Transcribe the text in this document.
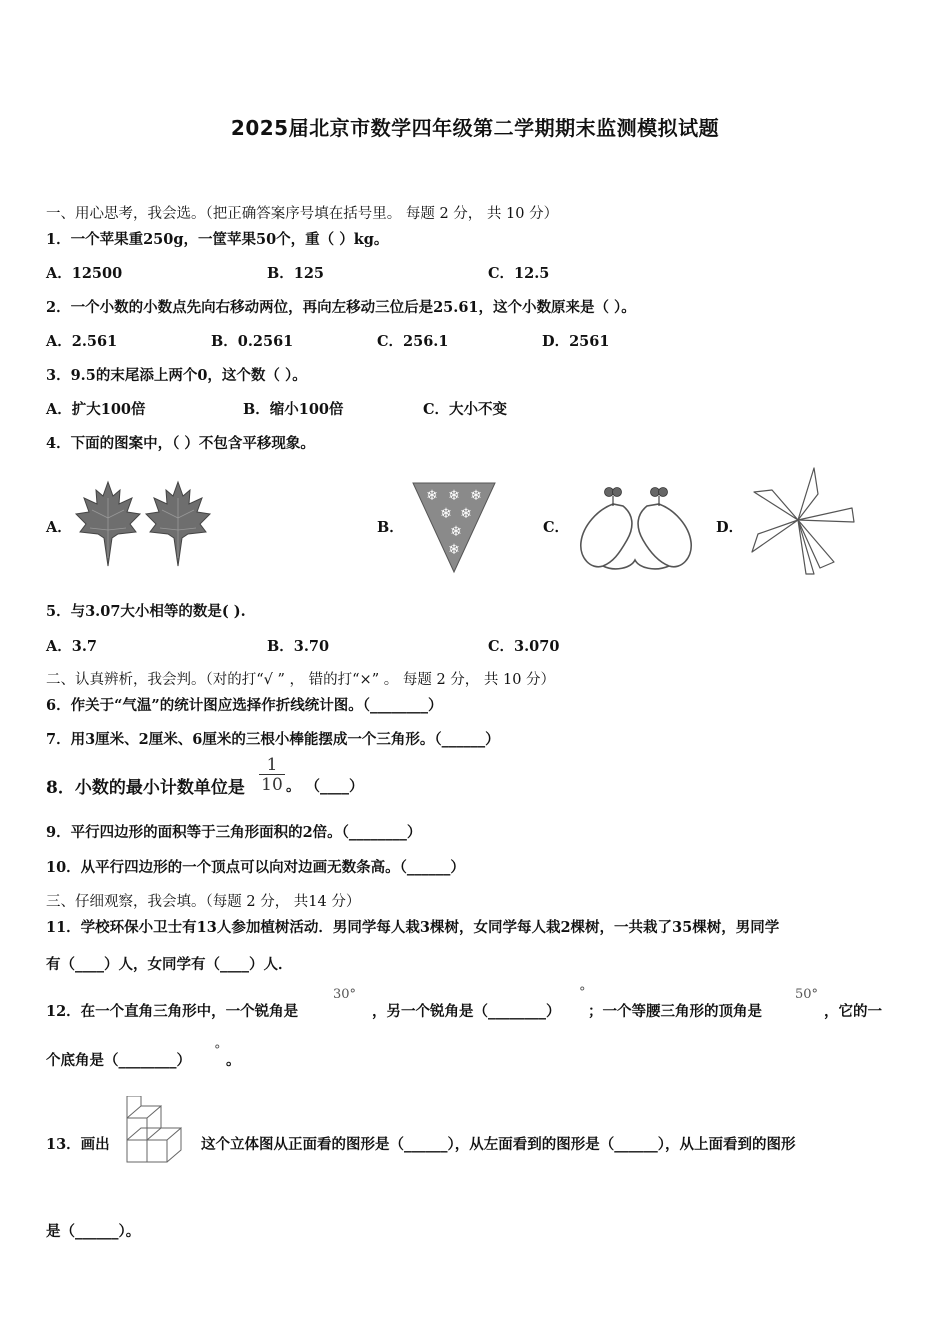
2025届北京市数学四年级第二学期期末监测模拟试题
一、用心思考，我会选。（把正确答案序号填在括号里。 每题 2 分， 共 10 分）
1．一个苹果重250g，一筐苹果50个，重（ ）kg。
A．12500	B．125	C．12.5
2．一个小数的小数点先向右移动两位，再向左移动三位后是25.61，这个小数原来是（ ）。
A．2.561	B．0.2561	C．256.1	D．2561
3．9.5的末尾添上两个0，这个数（ ）。
A．扩大100倍	B．缩小100倍	C．大小不变
4．下面的图案中，（ ）不包含平移现象。
A．	B．	C．	D．
❄ ❄ ❄
❄ ❄
❄
❄
5．与3.07大小相等的数是( ).
A．3.7	B．3.70	C．3.070
二、认真辨析，我会判。（对的打“√ ” ， 错的打“×” 。 每题 2 分， 共 10 分）
6．作关于“气温”的统计图应选择作折线统计图。（________）
7．用3厘米、2厘米、6厘米的三根小棒能摆成一个三角形。（______）
8．小数的最小计数单位是 $\frac{1}{10}$ 。 （____）
9．平行四边形的面积等于三角形面积的2倍。（________）
10．从平行四边形的一个顶点可以向对边画无数条高。（______）
三、仔细观察，我会填。（每题 2 分， 共14 分）
11．学校环保小卫士有13人参加植树活动．男同学每人栽3棵树，女同学每人栽2棵树，一共栽了35棵树，男同学
有（____）人，女同学有（____）人．
12．在一个直角三角形中，一个锐角是
30°
，另一个锐角是（________）
°
；一个等腰三角形的顶角是
50°
，它的一
个底角是（________）
°
。
13．画出	这个立体图从正面看的图形是（______），从左面看到的图形是（______），从上面看到的图形
是（______）。
